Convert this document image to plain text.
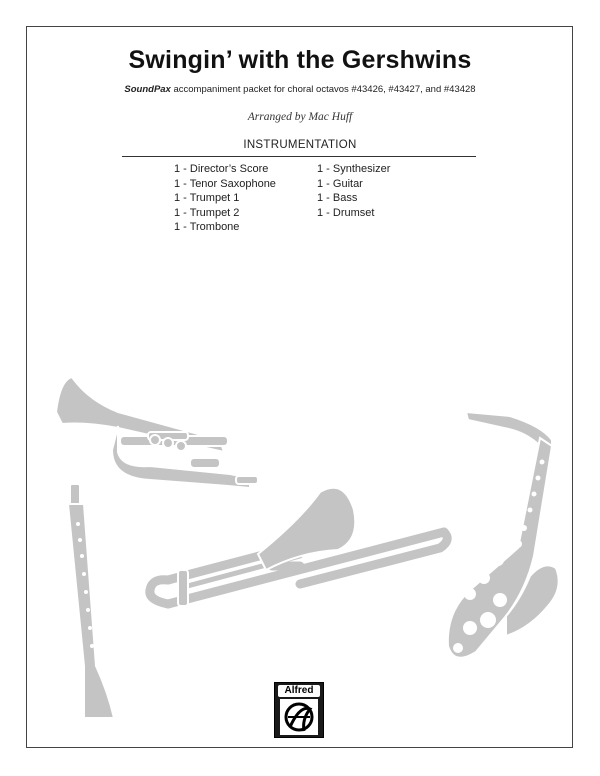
Swingin’ with the Gershwins
SoundPax accompaniment packet for choral octavos #43426, #43427, and #43428
Arranged by Mac Huff
INSTRUMENTATION
1 - Director’s Score
1 - Tenor Saxophone
1 - Trumpet 1
1 - Trumpet 2
1 - Trombone
1 - Synthesizer
1 - Guitar
1 - Bass
1 - Drumset
Alfred
